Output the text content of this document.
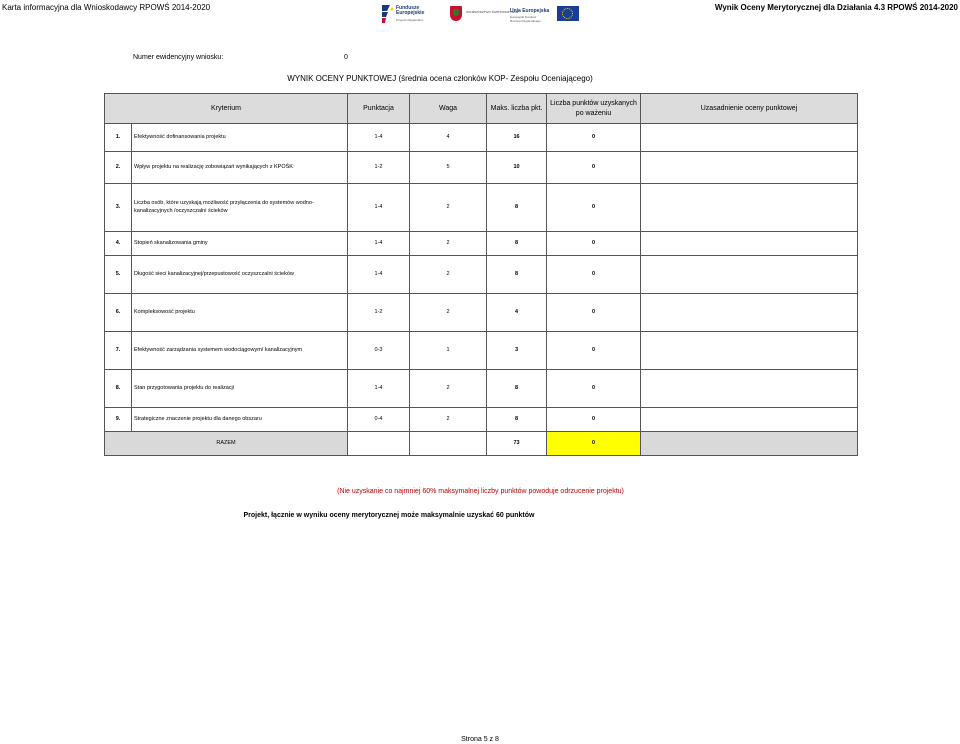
Karta informacyjna dla Wnioskodawcy RPOWŚ 2014-2020	Wynik Oceny Merytorycznej dla Działania 4.3 RPOWŚ 2014-2020
Fundusze
Europejskie
Program Regionalny
WOJEWÓDZTWO ŚWIĘTOKRZYSKIE
Unia Europejska
Europejski Fundusz
Rozwoju Regionalnego
Numer ewidencyjny wniosku:	0
WYNIK OCENY PUNKTOWEJ (średnia ocena członków KOP- Zespołu Oceniającego)
Kryterium		Punktacja	Waga	Maks. liczba pkt.	Liczba punktów uzyskanych po ważeniu	Uzasadnienie oceny punktowej
1.	Efektywność dofinansowania projektu	1-4	4	16	0	
2.	Wpływ projektu na realizację zobowiązań wynikających z KPOŚK	1-2	5	10	0	
3.	Liczba osób, które uzyskają możliwość przyłączenia do systemów wodno-kanalizacyjnych /oczyszczalni ścieków	1-4	2	8	0	
4.	Stopień skanalizowania gminy	1-4	2	8	0	
5.	Długość sieci kanalizacyjnej/przepustowość oczyszczalni ścieków	1-4	2	8	0	
6.	Kompleksowość projektu	1-2	2	4	0	
7.	Efektywność zarządzania systemem wodociągowym/ kanalizacyjnym	0-3	1	3	0	
8.	Stan przygotowania projektu do realizacji	1-4	2	8	0	
9.	Strategiczne znaczenie projektu dla danego obszaru	0-4	2	8	0	
RAZEM				73	0	
(Nie uzyskanie co najmniej 60% maksymalnej liczby punktów powoduje odrzucenie projektu)
Projekt, łącznie w wyniku oceny merytorycznej może maksymalnie uzyskać 60 punktów
Strona 5 z 8
